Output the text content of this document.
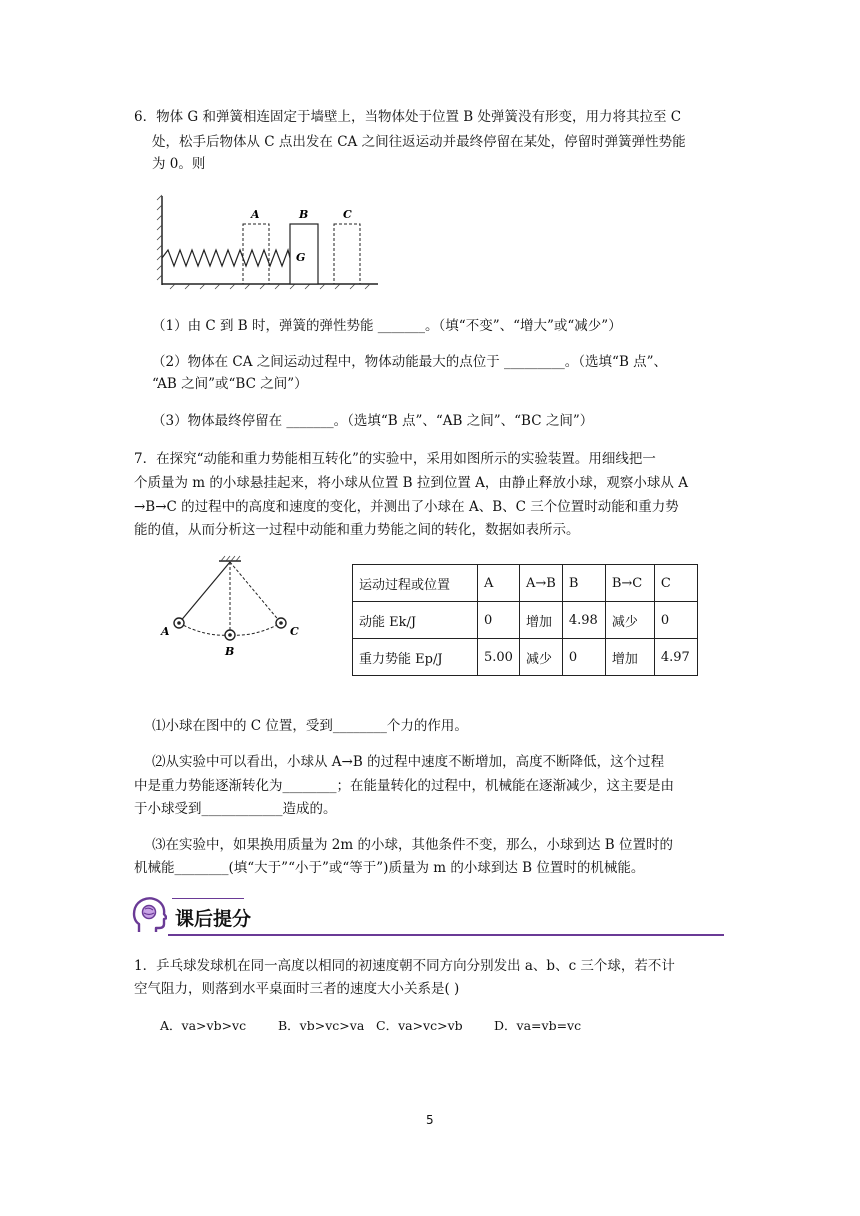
6．物体 G 和弹簧相连固定于墙壁上，当物体处于位置 B 处弹簧没有形变，用力将其拉至 C
处，松手后物体从 C 点出发在 CA 之间往返运动并最终停留在某处，停留时弹簧弹性势能
为 0。则
A	B	C
G
（1）由 C 到 B 时，弹簧的弹性势能 _______。（填“不变”、“增大”或“减少”）
（2）物体在 CA 之间运动过程中，物体动能最大的点位于 _________。（选填“B 点”、
“AB 之间”或“BC 之间”）
（3）物体最终停留在 _______。（选填“B 点”、“AB 之间”、“BC 之间”）
7．在探究“动能和重力势能相互转化”的实验中，采用如图所示的实验装置。用细线把一
个质量为 m 的小球悬挂起来，将小球从位置 B 拉到位置 A，由静止释放小球，观察小球从 A
→B→C 的过程中的高度和速度的变化，并测出了小球在 A、B、C 三个位置时动能和重力势
能的值，从而分析这一过程中动能和重力势能之间的转化，数据如表所示。
A
B
C
运动过程或位置	A	A→B	B	B→C	C
动能 Ek/J	0	增加	4.98	减少	0
重力势能 Ep/J	5.00	减少	0	增加	4.97
⑴小球在图中的 C 位置，受到________个力的作用。
⑵从实验中可以看出，小球从 A→B 的过程中速度不断增加，高度不断降低，这个过程
中是重力势能逐渐转化为________；在能量转化的过程中，机械能在逐渐减少，这主要是由
于小球受到____________造成的。
⑶在实验中，如果换用质量为 2m 的小球，其他条件不变，那么，小球到达 B 位置时的
机械能________(填“大于”“小于”或“等于”)质量为 m 的小球到达 B 位置时的机械能。
课后提分
1．乒乓球发球机在同一高度以相同的初速度朝不同方向分别发出 a、b、c 三个球，若不计
空气阻力，则落到水平桌面时三者的速度大小关系是( )
A．va>vb>vc	B．vb>vc>va C．va>vc>vb	D．va=vb=vc
5
